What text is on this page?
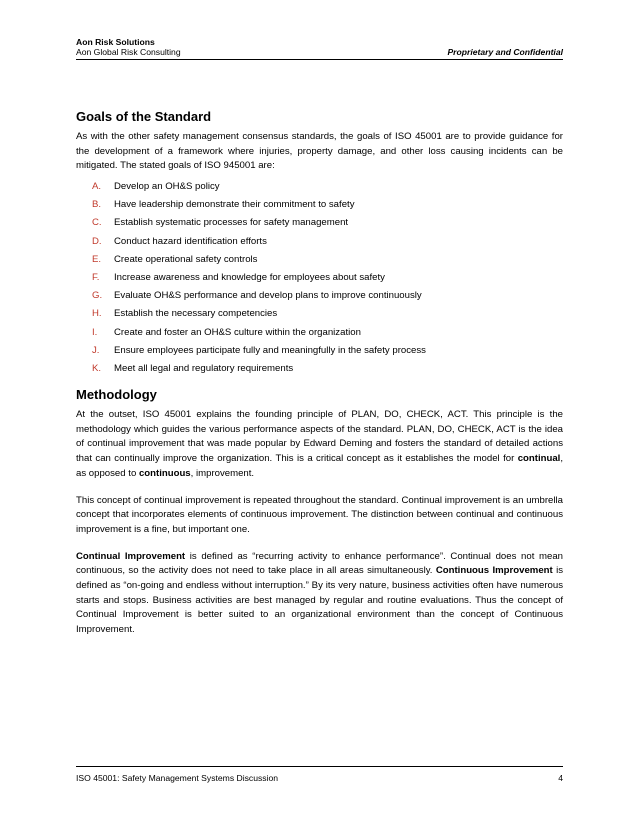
Aon Risk Solutions
Aon Global Risk Consulting	Proprietary and Confidential
Goals of the Standard

As with the other safety management consensus standards, the goals of ISO 45001 are to provide guidance for the development of a framework where injuries, property damage, and other loss causing incidents can be mitigated. The stated goals of ISO 945001 are:

A. Develop an OH&S policy
B. Have leadership demonstrate their commitment to safety
C. Establish systematic processes for safety management
D. Conduct hazard identification efforts
E. Create operational safety controls
F. Increase awareness and knowledge for employees about safety
G. Evaluate OH&S performance and develop plans to improve continuously
H. Establish the necessary competencies
I. Create and foster an OH&S culture within the organization
J. Ensure employees participate fully and meaningfully in the safety process
K. Meet all legal and regulatory requirements
Methodology

At the outset, ISO 45001 explains the founding principle of PLAN, DO, CHECK, ACT. This principle is the methodology which guides the various performance aspects of the standard. PLAN, DO, CHECK, ACT is the idea of continual improvement that was made popular by Edward Deming and fosters the standard of detailed actions that can continually improve the organization. This is a critical concept as it establishes the model for continual, as opposed to continuous, improvement.

This concept of continual improvement is repeated throughout the standard. Continual improvement is an umbrella concept that incorporates elements of continuous improvement. The distinction between continual and continuous improvement is a fine, but important one.

Continual Improvement is defined as “recurring activity to enhance performance”. Continual does not mean continuous, so the activity does not need to take place in all areas simultaneously. Continuous Improvement is defined as “on-going and endless without interruption.” By its very nature, business activities often have numerous starts and stops. Business activities are best managed by regular and routine evaluations. Thus the concept of Continual Improvement is better suited to an organizational environment than the concept of Continuous Improvement.

ISO 45001: Safety Management Systems Discussion	4
